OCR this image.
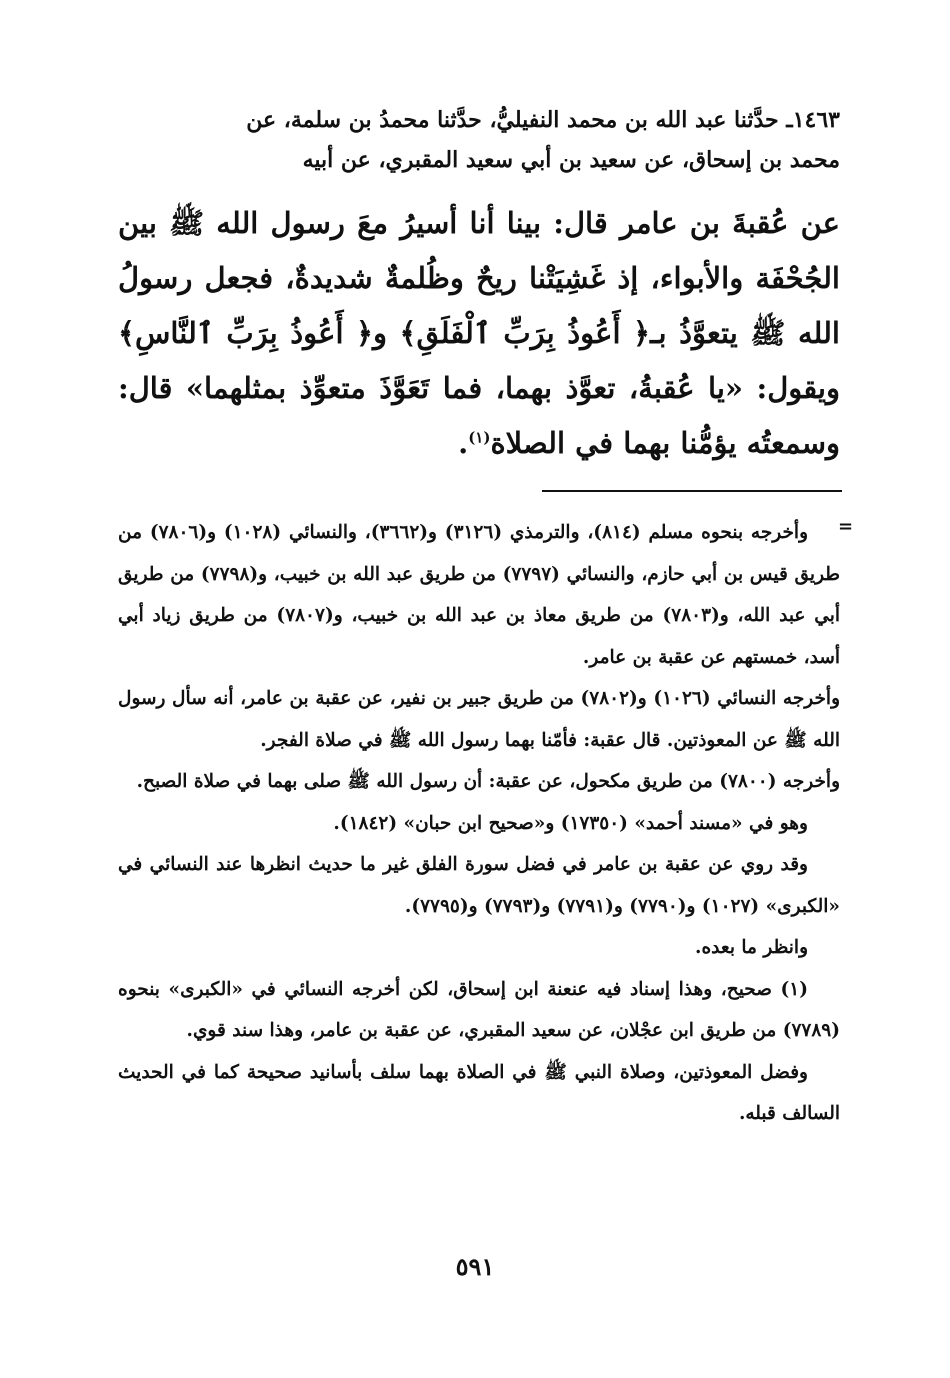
١٤٦٣ـ حدَّثنا عبد الله بن محمد النفيليُّ، حدَّثنا محمدُ بن سلمة، عن

محمد بن إسحاق، عن سعيد بن أبي سعيد المقبري، عن أبيه

عن عُقبةَ بن عامر قال: بينا أنا أسيرُ معَ رسول الله ﷺ بين الجُحْفَة والأبواء، إذ غَشِيَتْنا ريحٌ وظُلمةٌ شديدةٌ، فجعل رسولُ الله ﷺ يتعوَّذُ بـ﴿ أَعُوذُ بِرَبِّ ٱلْفَلَقِ﴾ و﴿ أَعُوذُ بِرَبِّ ٱلنَّاسِ﴾ ويقول: «يا عُقبةُ، تعوَّذ بهما، فما تَعَوَّذَ متعوِّذ بمثلهما» قال: وسمعتُه يؤمُّنا بهما في الصلاة$^{(١)}$.

=

وأخرجه بنحوه مسلم (٨١٤)، والترمذي (٣١٢٦) و(٣٦٦٢)، والنسائي (١٠٢٨) و(٧٨٠٦) من طريق قيس بن أبي حازم، والنسائي (٧٧٩٧) من طريق عبد الله بن خبيب، و(٧٧٩٨) من طريق أبي عبد الله، و(٧٨٠٣) من طريق معاذ بن عبد الله بن خبيب، و(٧٨٠٧) من طريق زياد أبي أسد، خمستهم عن عقبة بن عامر.

وأخرجه النسائي (١٠٢٦) و(٧٨٠٢) من طريق جبير بن نفير، عن عقبة بن عامر، أنه سأل رسول الله ﷺ عن المعوذتين. قال عقبة: فأمّنا بهما رسول الله ﷺ في صلاة الفجر.

وأخرجه (٧٨٠٠) من طريق مكحول، عن عقبة: أن رسول الله ﷺ صلى بهما في صلاة الصبح.

وهو في «مسند أحمد» (١٧٣٥٠) و«صحيح ابن حبان» (١٨٤٢).

وقد روي عن عقبة بن عامر في فضل سورة الفلق غير ما حديث انظرها عند النسائي في «الكبرى» (١٠٢٧) و(٧٧٩٠) و(٧٧٩١) و(٧٧٩٣) و(٧٧٩٥).

وانظر ما بعده.

(١) صحيح، وهذا إسناد فيه عنعنة ابن إسحاق، لكن أخرجه النسائي في «الكبرى» بنحوه (٧٧٨٩) من طريق ابن عجْلان، عن سعيد المقبري، عن عقبة بن عامر، وهذا سند قوي.

وفضل المعوذتين، وصلاة النبي ﷺ في الصلاة بهما سلف بأسانيد صحيحة كما في الحديث السالف قبله.

٥٩١
